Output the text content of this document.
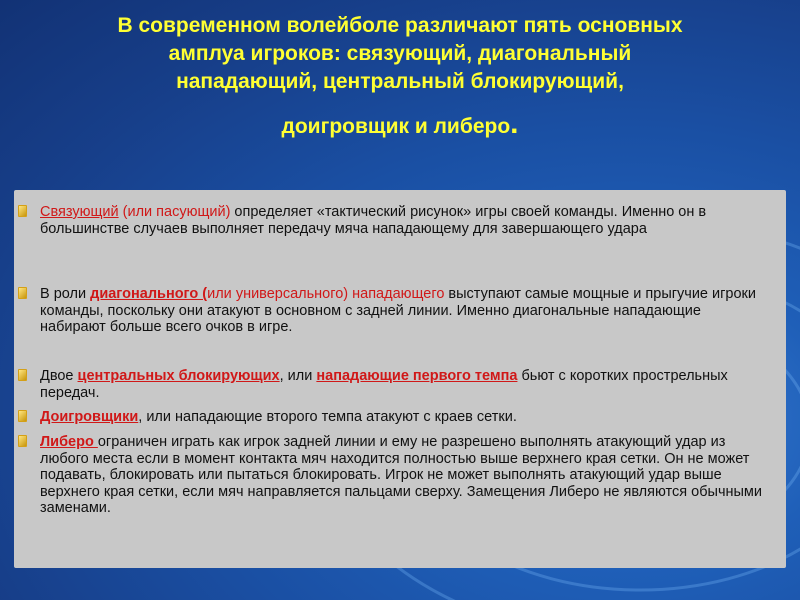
В современном волейболе различают пять основных
амплуа игроков: связующий, диагональный
нападающий, центральный блокирующий,
доигровщик и либеро.
Связующий (или пасующий) определяет «тактический рисунок» игры своей команды. Именно он в большинстве случаев выполняет передачу мяча нападающему для завершающего удара
В роли диагонального (или универсального) нападающего выступают самые мощные и прыгучие игроки команды, поскольку они атакуют в основном с задней линии. Именно диагональные нападающие набирают больше всего очков в игре.
Двое центральных блокирующих, или нападающие первого темпа бьют с коротких прострельных передач.
Доигровщики, или нападающие второго темпа атакуют с краев сетки.
Либеро ограничен играть как игрок задней линии и ему не разрешено выполнять атакующий удар из любого места если в момент контакта мяч находится полностью выше верхнего края сетки. Он не может подавать, блокировать или пытаться блокировать. Игрок не может выполнять атакующий удар выше верхнего края сетки, если мяч направляется пальцами сверху. Замещения Либеро не являются обычными заменами.
